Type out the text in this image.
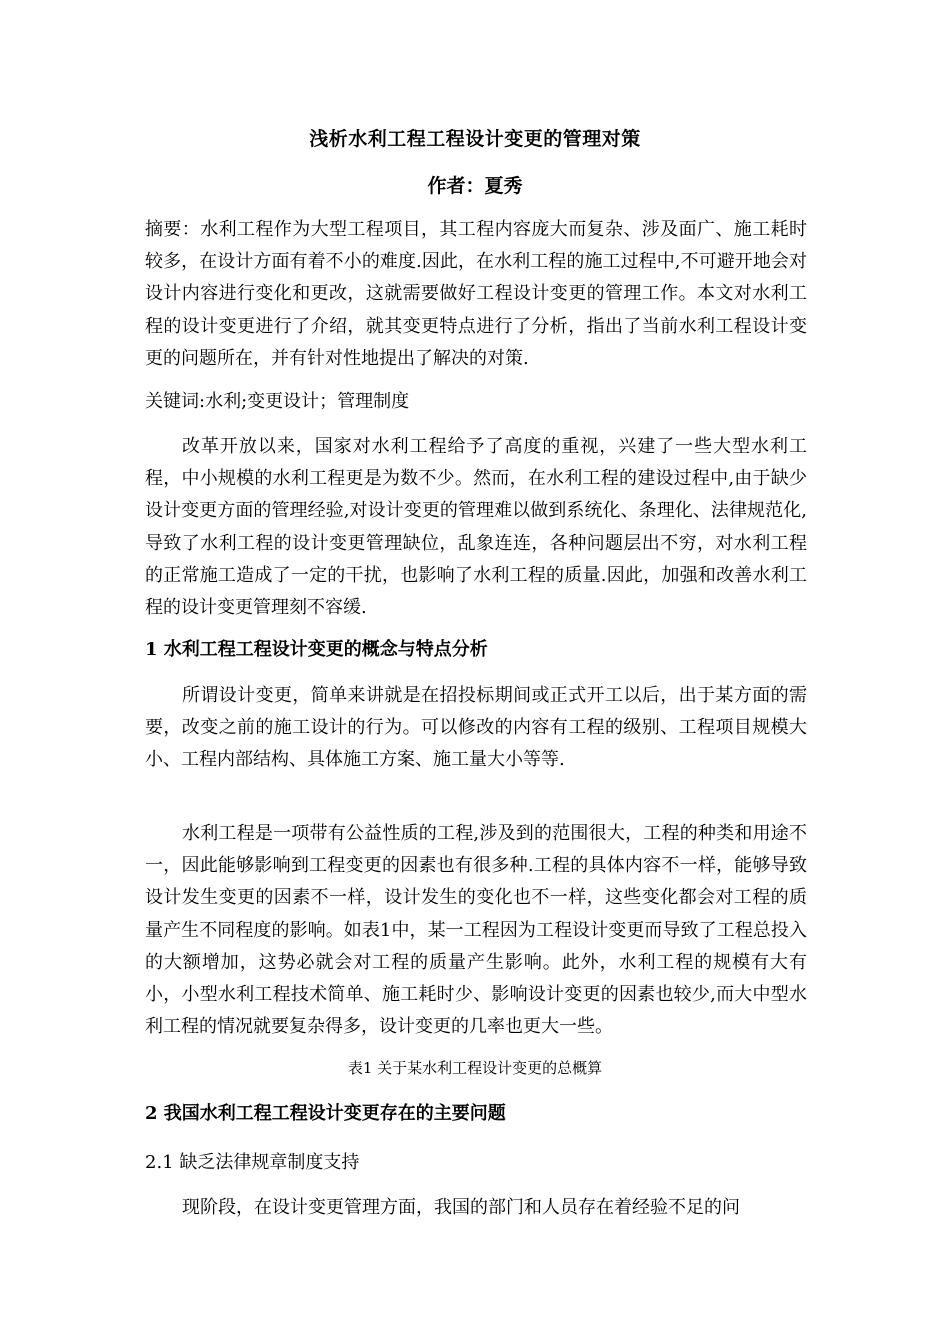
浅析水利工程工程设计变更的管理对策
作者：夏秀

摘要：水利工程作为大型工程项目，其工程内容庞大而复杂、涉及面广、施工耗时较多，在设计方面有着不小的难度.因此，在水利工程的施工过程中,不可避开地会对设计内容进行变化和更改，这就需要做好工程设计变更的管理工作。本文对水利工程的设计变更进行了介绍，就其变更特点进行了分析，指出了当前水利工程设计变更的问题所在，并有针对性地提出了解决的对策.

关键词:水利;变更设计；管理制度

改革开放以来，国家对水利工程给予了高度的重视，兴建了一些大型水利工程，中小规模的水利工程更是为数不少。然而，在水利工程的建设过程中,由于缺少设计变更方面的管理经验,对设计变更的管理难以做到系统化、条理化、法律规范化,导致了水利工程的设计变更管理缺位，乱象连连，各种问题层出不穷，对水利工程的正常施工造成了一定的干扰，也影响了水利工程的质量.因此，加强和改善水利工程的设计变更管理刻不容缓.

1 水利工程工程设计变更的概念与特点分析

所谓设计变更，简单来讲就是在招投标期间或正式开工以后，出于某方面的需要，改变之前的施工设计的行为。可以修改的内容有工程的级别、工程项目规模大小、工程内部结构、具体施工方案、施工量大小等等.

水利工程是一项带有公益性质的工程,涉及到的范围很大，工程的种类和用途不一，因此能够影响到工程变更的因素也有很多种.工程的具体内容不一样，能够导致设计发生变更的因素不一样，设计发生的变化也不一样，这些变化都会对工程的质量产生不同程度的影响。如表1中，某一工程因为工程设计变更而导致了工程总投入的大额增加，这势必就会对工程的质量产生影响。此外，水利工程的规模有大有小，小型水利工程技术简单、施工耗时少、影响设计变更的因素也较少,而大中型水利工程的情况就要复杂得多，设计变更的几率也更大一些。

表1 关于某水利工程设计变更的总概算

2 我国水利工程工程设计变更存在的主要问题

2.1 缺乏法律规章制度支持

现阶段，在设计变更管理方面，我国的部门和人员存在着经验不足的问
